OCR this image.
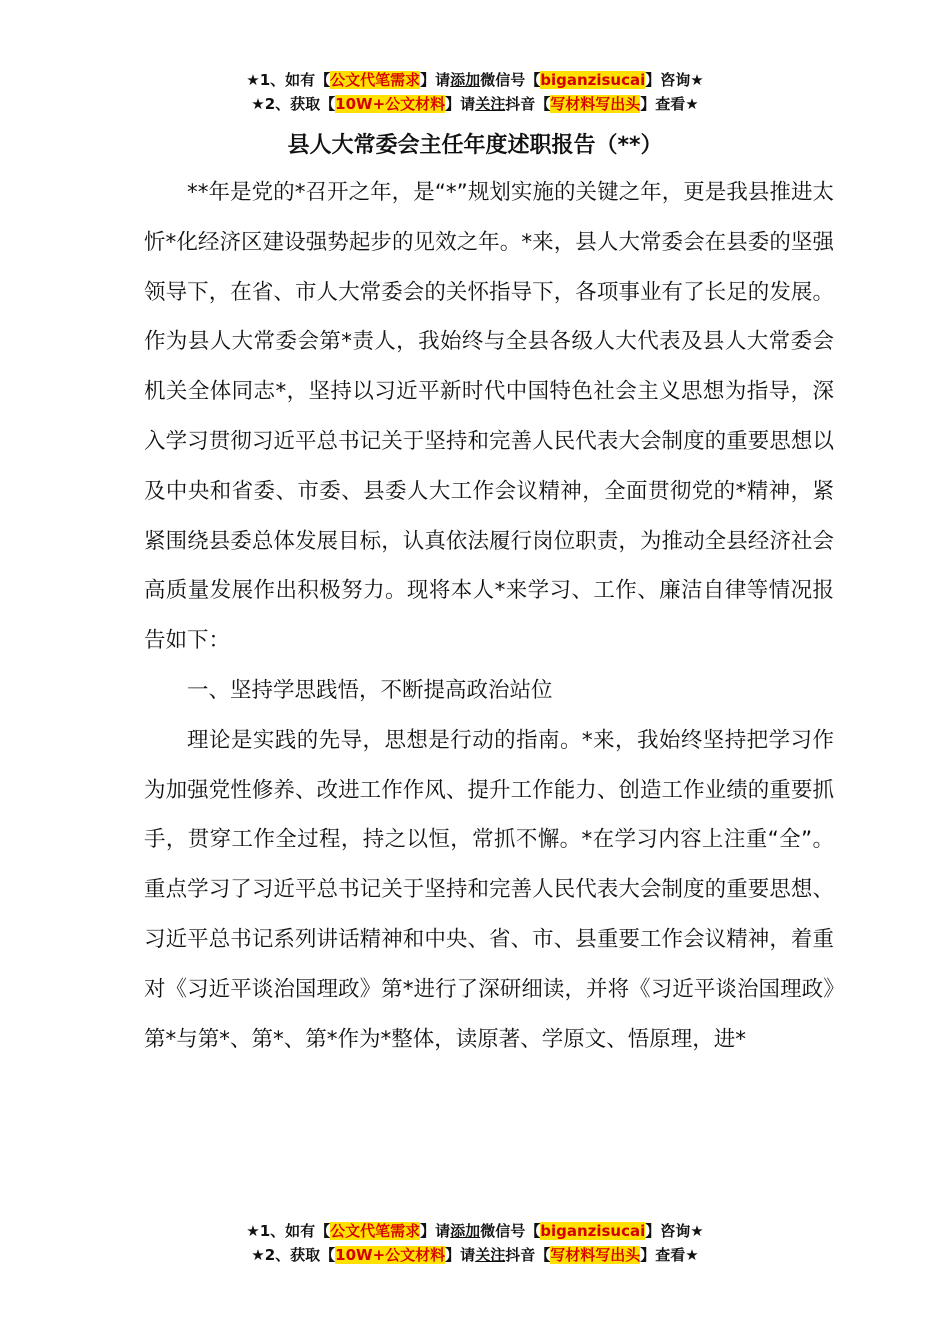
★1、如有【公文代笔需求】请添加微信号【biganzisucai】咨询★
★2、获取【10W+公文材料】请关注抖音【写材料写出头】查看★
县人大常委会主任年度述职报告（**）

**年是党的*召开之年，是“*”规划实施的关键之年，更是我县推进太忻*化经济区建设强势起步的见效之年。*来，县人大常委会在县委的坚强领导下，在省、市人大常委会的关怀指导下，各项事业有了长足的发展。作为县人大常委会第*责人，我始终与全县各级人大代表及县人大常委会机关全体同志*，坚持以习近平新时代中国特色社会主义思想为指导，深入学习贯彻习近平总书记关于坚持和完善人民代表大会制度的重要思想以及中央和省委、市委、县委人大工作会议精神，全面贯彻党的*精神，紧紧围绕县委总体发展目标，认真依法履行岗位职责，为推动全县经济社会高质量发展作出积极努力。现将本人*来学习、工作、廉洁自律等情况报告如下：

一、坚持学思践悟，不断提高政治站位

理论是实践的先导，思想是行动的指南。*来，我始终坚持把学习作为加强党性修养、改进工作作风、提升工作能力、创造工作业绩的重要抓手，贯穿工作全过程，持之以恒，常抓不懈。*在学习内容上注重“全”。重点学习了习近平总书记关于坚持和完善人民代表大会制度的重要思想、习近平总书记系列讲话精神和中央、省、市、县重要工作会议精神，着重对《习近平谈治国理政》第*进行了深研细读，并将《习近平谈治国理政》第*与第*、第*、第*作为*整体，读原著、学原文、悟原理，进*

★1、如有【公文代笔需求】请添加微信号【biganzisucai】咨询★
★2、获取【10W+公文材料】请关注抖音【写材料写出头】查看★
